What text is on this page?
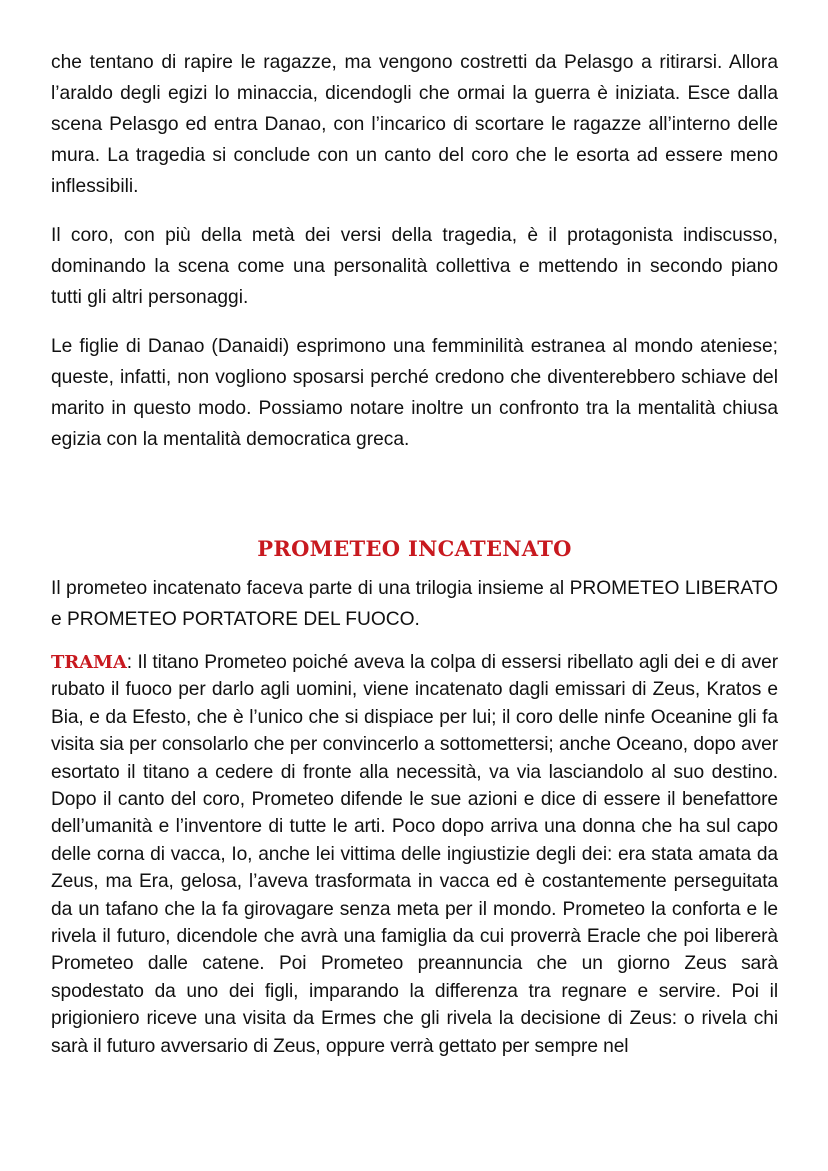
che tentano di rapire le ragazze, ma vengono costretti da Pelasgo a ritirarsi. Allora l’araldo degli egizi lo minaccia, dicendogli che ormai la guerra è iniziata. Esce dalla scena Pelasgo ed entra Danao, con l’incarico di scortare le ragazze all’interno delle mura. La tragedia si conclude con un canto del coro che le esorta ad essere meno inflessibili.

Il coro, con più della metà dei versi della tragedia, è il protagonista indiscusso, dominando la scena come una personalità collettiva e mettendo in secondo piano tutti gli altri personaggi.

Le figlie di Danao (Danaidi) esprimono una femminilità estranea al mondo ateniese; queste, infatti, non vogliono sposarsi perché credono che diventerebbero schiave del marito in questo modo. Possiamo notare inoltre un confronto tra la mentalità chiusa egizia con la mentalità democratica greca.

PROMETEO INCATENATO

Il prometeo incatenato faceva parte di una trilogia insieme al PROMETEO LIBERATO e PROMETEO PORTATORE DEL FUOCO.

TRAMA: Il titano Prometeo poiché aveva la colpa di essersi ribellato agli dei e di aver rubato il fuoco per darlo agli uomini, viene incatenato dagli emissari di Zeus, Kratos e Bia, e da Efesto, che è l’unico che si dispiace per lui; il coro delle ninfe Oceanine gli fa visita sia per consolarlo che per convincerlo a sottomettersi; anche Oceano, dopo aver esortato il titano a cedere di fronte alla necessità, va via lasciandolo al suo destino. Dopo il canto del coro, Prometeo difende le sue azioni e dice di essere il benefattore dell’umanità e l’inventore di tutte le arti. Poco dopo arriva una donna che ha sul capo delle corna di vacca, Io, anche lei vittima delle ingiustizie degli dei: era stata amata da Zeus, ma Era, gelosa, l’aveva trasformata in vacca ed è costantemente perseguitata da un tafano che la fa girovagare senza meta per il mondo. Prometeo la conforta e le rivela il futuro, dicendole che avrà una famiglia da cui proverrà Eracle che poi libererà Prometeo dalle catene. Poi Prometeo preannuncia che un giorno Zeus sarà spodestato da uno dei figli, imparando la differenza tra regnare e servire. Poi il prigioniero riceve una visita da Ermes che gli rivela la decisione di Zeus: o rivela chi sarà il futuro avversario di Zeus, oppure verrà gettato per sempre nel
